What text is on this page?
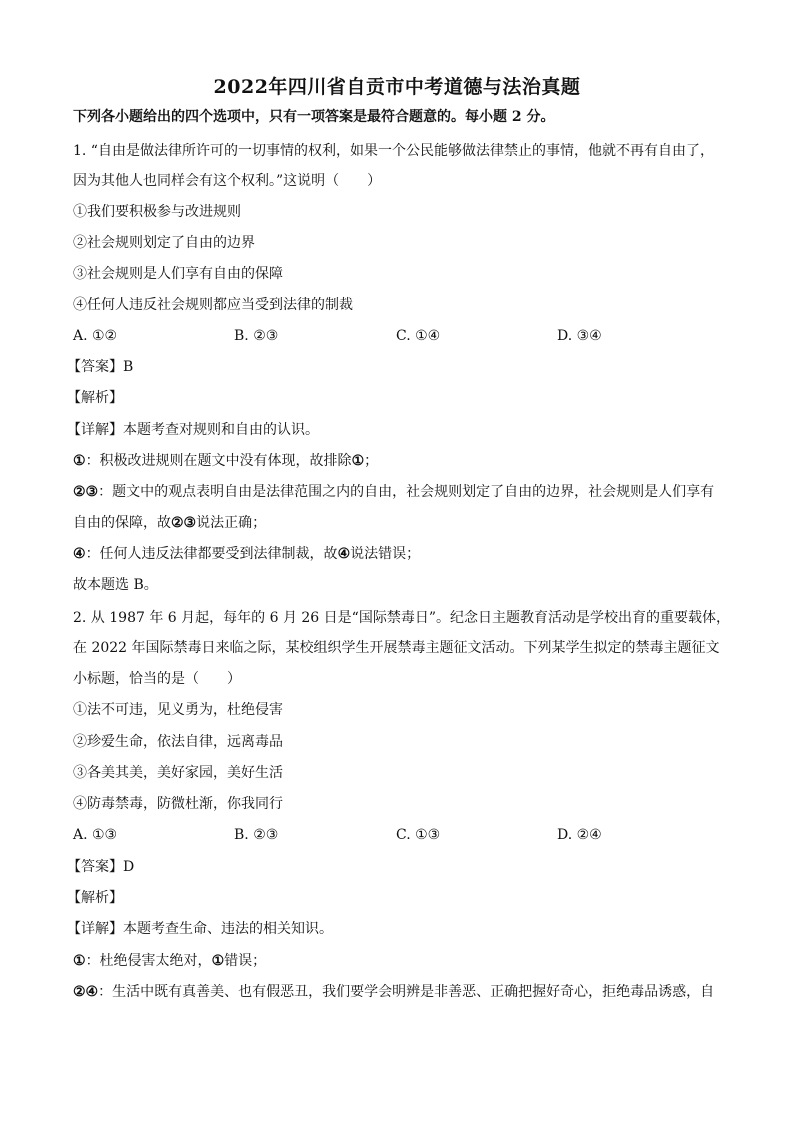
2022年四川省自贡市中考道德与法治真题
下列各小题给出的四个选项中，只有一项答案是最符合题意的。每小题 2 分。
1. “自由是做法律所许可的一切事情的权利，如果一个公民能够做法律禁止的事情，他就不再有自由了，
因为其他人也同样会有这个权利。”这说明（　　）
①我们要积极参与改进规则
②社会规则划定了自由的边界
③社会规则是人们享有自由的保障
④任何人违反社会规则都应当受到法律的制裁
A. ①②	B. ②③	C. ①④	D. ③④
【答案】B
【解析】
【详解】本题考查对规则和自由的认识。
①：积极改进规则在题文中没有体现，故排除①；
②③：题文中的观点表明自由是法律范围之内的自由，社会规则划定了自由的边界，社会规则是人们享有
自由的保障，故②③说法正确；
④：任何人违反法律都要受到法律制裁，故④说法错误；
故本题选 B。
2. 从 1987 年 6 月起，每年的 6 月 26 日是“国际禁毒日”。纪念日主题教育活动是学校出育的重要载体，
在 2022 年国际禁毒日来临之际，某校组织学生开展禁毒主题征文活动。下列某学生拟定的禁毒主题征文
小标题，恰当的是（　　）
①法不可违，见义勇为，杜绝侵害
②珍爱生命，依法自律，远离毒品
③各美其美，美好家园，美好生活
④防毒禁毒，防微杜渐，你我同行
A. ①③	B. ②③	C. ①③	D. ②④
【答案】D
【解析】
【详解】本题考查生命、违法的相关知识。
①：杜绝侵害太绝对，①错误；
②④：生活中既有真善美、也有假恶丑，我们要学会明辨是非善恶、正确把握好奇心，拒绝毒品诱惑，自
